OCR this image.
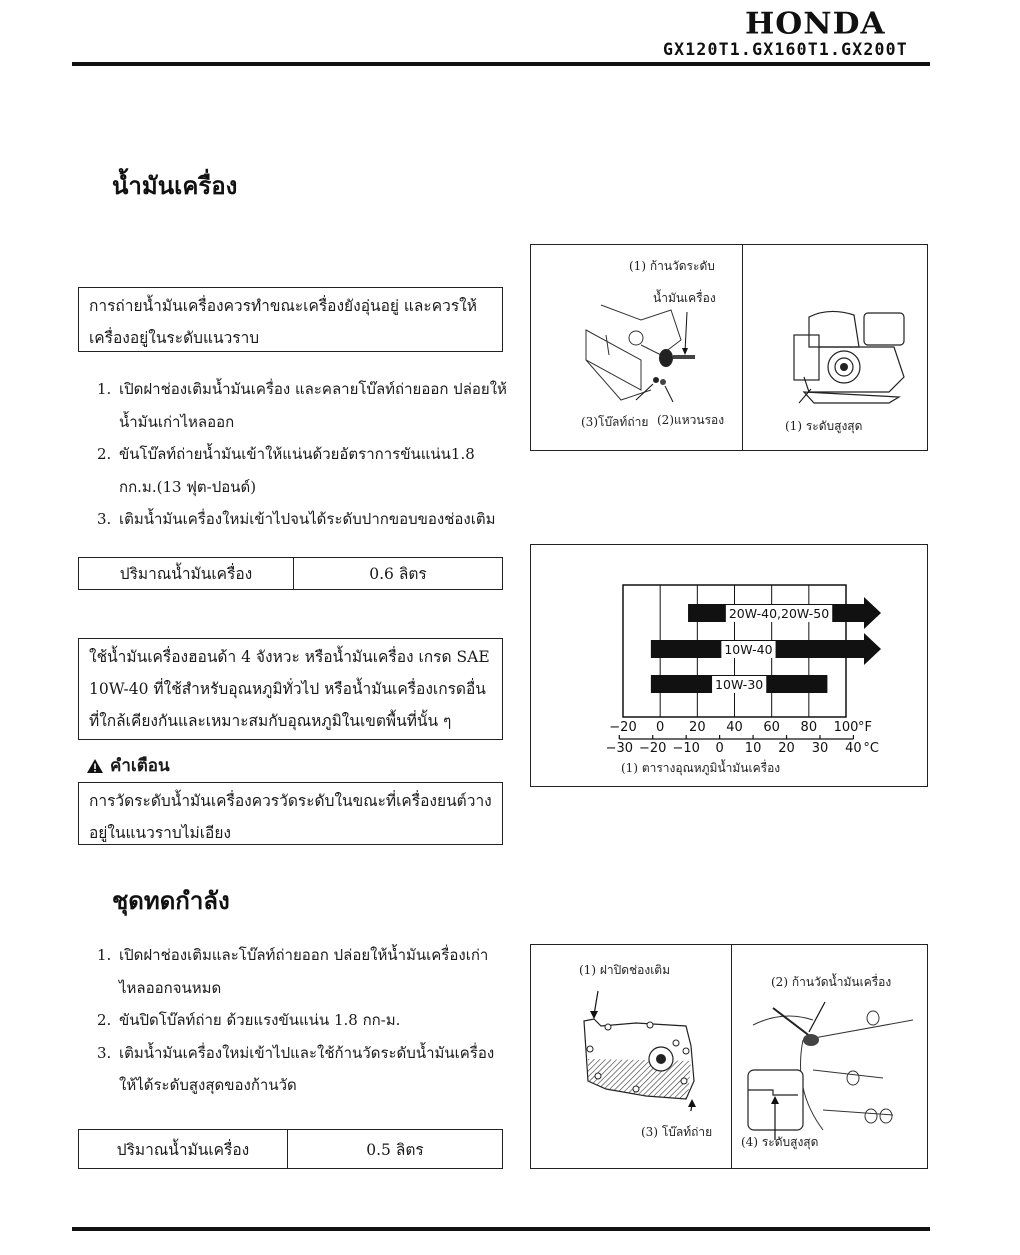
HONDA
GX120T1.GX160T1.GX200T
น้ำมันเครื่อง
การถ่ายน้ำมันเครื่องควรทำขณะเครื่องยังอุ่นอยู่ และควรให้เครื่องอยู่ในระดับแนวราบ
1. เปิดฝาช่องเติมน้ำมันเครื่อง และคลายโบ๊ลท์ถ่ายออก ปล่อยให้ น้ำมันเก่าไหลออก
2. ขันโบ๊ลท์ถ่ายน้ำมันเข้าให้แน่นด้วยอัตราการขันแน่น1.8 กก.ม.(13 ฟุต-ปอนด์)
3. เติมน้ำมันเครื่องใหม่เข้าไปจนได้ระดับปากขอบของช่องเติม
ปริมาณน้ำมันเครื่อง	0.6 ลิตร
ใช้น้ำมันเครื่องฮอนด้า 4 จังหวะ หรือน้ำมันเครื่อง เกรด SAE 10W-40 ที่ใช้สำหรับอุณหภูมิทั่วไป หรือน้ำมันเครื่องเกรดอื่นที่ใกล้เคียงกันและเหมาะสมกับอุณหภูมิในเขตพื้นที่นั้น ๆ
คำเตือน
การวัดระดับน้ำมันเครื่องควรวัดระดับในขณะที่เครื่องยนต์วางอยู่ในแนวราบไม่เอียง
(1) ก้านวัดระดับ
น้ำมันเครื่อง
(3)โบ๊ลท์ถ่าย (2)แหวนรอง	(1) ระดับสูงสุด
20W-40,20W-50
10W-40
10W-30
−20 0 20 40 60 80 100 °F
−30 −20 −10 0 10 20 30 40 °C
(1) ตารางอุณหภูมิน้ำมันเครื่อง
ชุดทดกำลัง
1. เปิดฝาช่องเติมและโบ๊ลท์ถ่ายออก ปล่อยให้น้ำมันเครื่องเก่าไหลออกจนหมด
2. ขันปิดโบ๊ลท์ถ่าย ด้วยแรงขันแน่น 1.8 กก-ม.
3. เติมน้ำมันเครื่องใหม่เข้าไปและใช้ก้านวัดระดับน้ำมันเครื่องให้ได้ระดับสูงสุดของก้านวัด
ปริมาณน้ำมันเครื่อง	0.5 ลิตร
(1) ฝาปิดช่องเติม
(3) โบ๊ลท์ถ่าย
(2) ก้านวัดน้ำมันเครื่อง
(4) ระดับสูงสุด
